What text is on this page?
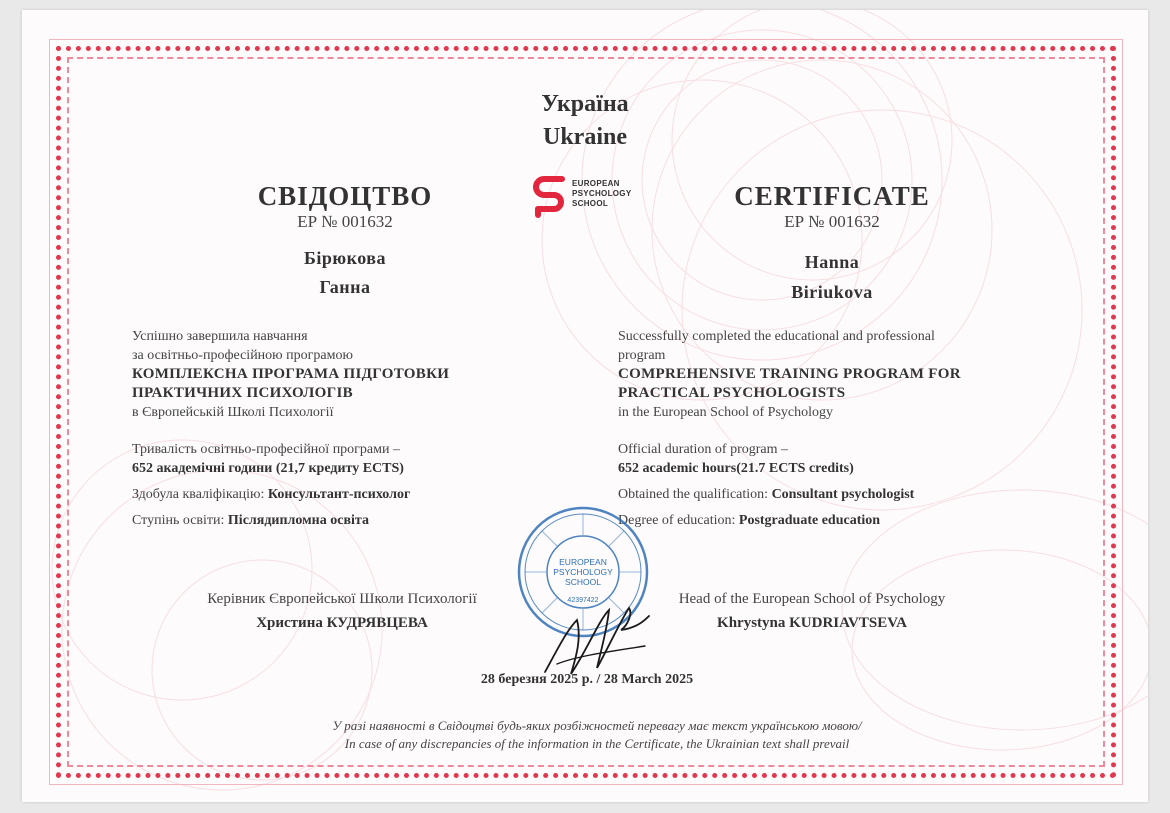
Україна
Ukraine
EUROPEAN
PSYCHOLOGY
SCHOOL
СВІДОЦТВО
ЕР № 001632
Бірюкова
Ганна
Успішно завершила навчання
за освітньо-професійною програмою
КОМПЛЕКСНА ПРОГРАМА ПІДГОТОВКИ
ПРАКТИЧНИХ ПСИХОЛОГІВ
в Європейській Школі Психології
Тривалість освітньо-професійної програми –
652 академічні години (21,7 кредиту ECTS)
Здобула кваліфікацію: Консультант-психолог
Ступінь освіти: Післядипломна освіта
Керівник Європейської Школи Психології
Христина КУДРЯВЦЕВА
CERTIFICATE
ЕР № 001632
Hanna
Biriukova
Successfully completed the educational and professional
program
COMPREHENSIVE TRAINING PROGRAM FOR
PRACTICAL PSYCHOLOGISTS
in the European School of Psychology
Official duration of program –
652 academic hours(21.7 ECTS credits)
Obtained the qualification: Consultant psychologist
Degree of education: Postgraduate education
Head of the European School of Psychology
Khrystyna KUDRIAVTSEVA
EUROPEAN
PSYCHOLOGY
SCHOOL
42397422
28 березня 2025 р. / 28 March 2025
У разі наявності в Свідоцтві будь-яких розбіжностей перевагу має текст українською мовою/
In case of any discrepancies of the information in the Certificate, the Ukrainian text shall prevail
